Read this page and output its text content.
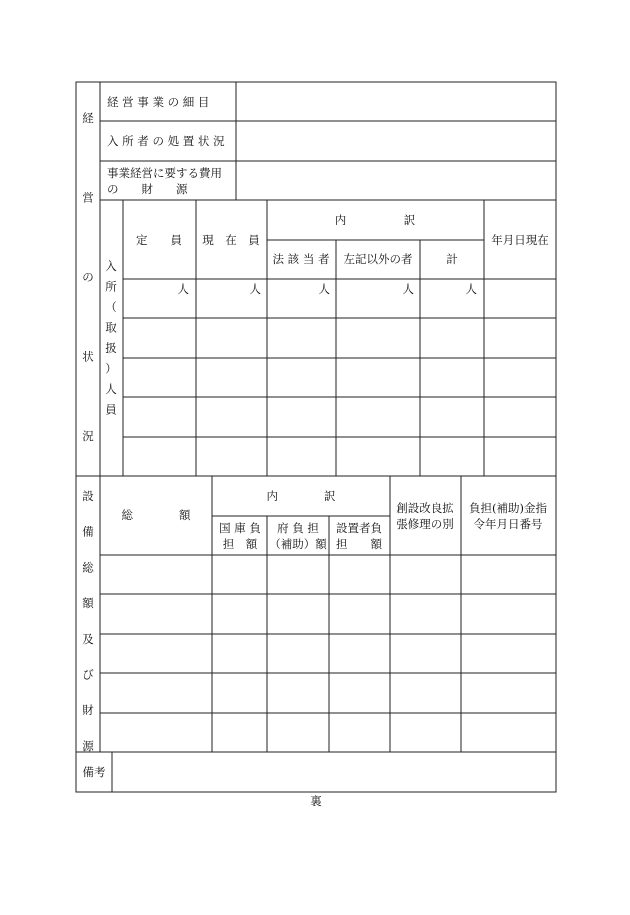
経営の状況
経 営 事 業 の 細 目
入 所 者 の 処 置 状 況
事業経営に要する費用
の　　財　　源
入所（取扱）人員
定　　員 現　在　員
内　　　　　訳
法 該 当 者 左記以外の者	計
年月日現在
設備総額及び財源
総　　　　額
内　　　　訳
国 庫 負
担　額
府 負 担
（補助）額
設置者負
担　　額
創設改良拡
張修理の別
負担(補助)金指
令年月日番号
備考
裏
